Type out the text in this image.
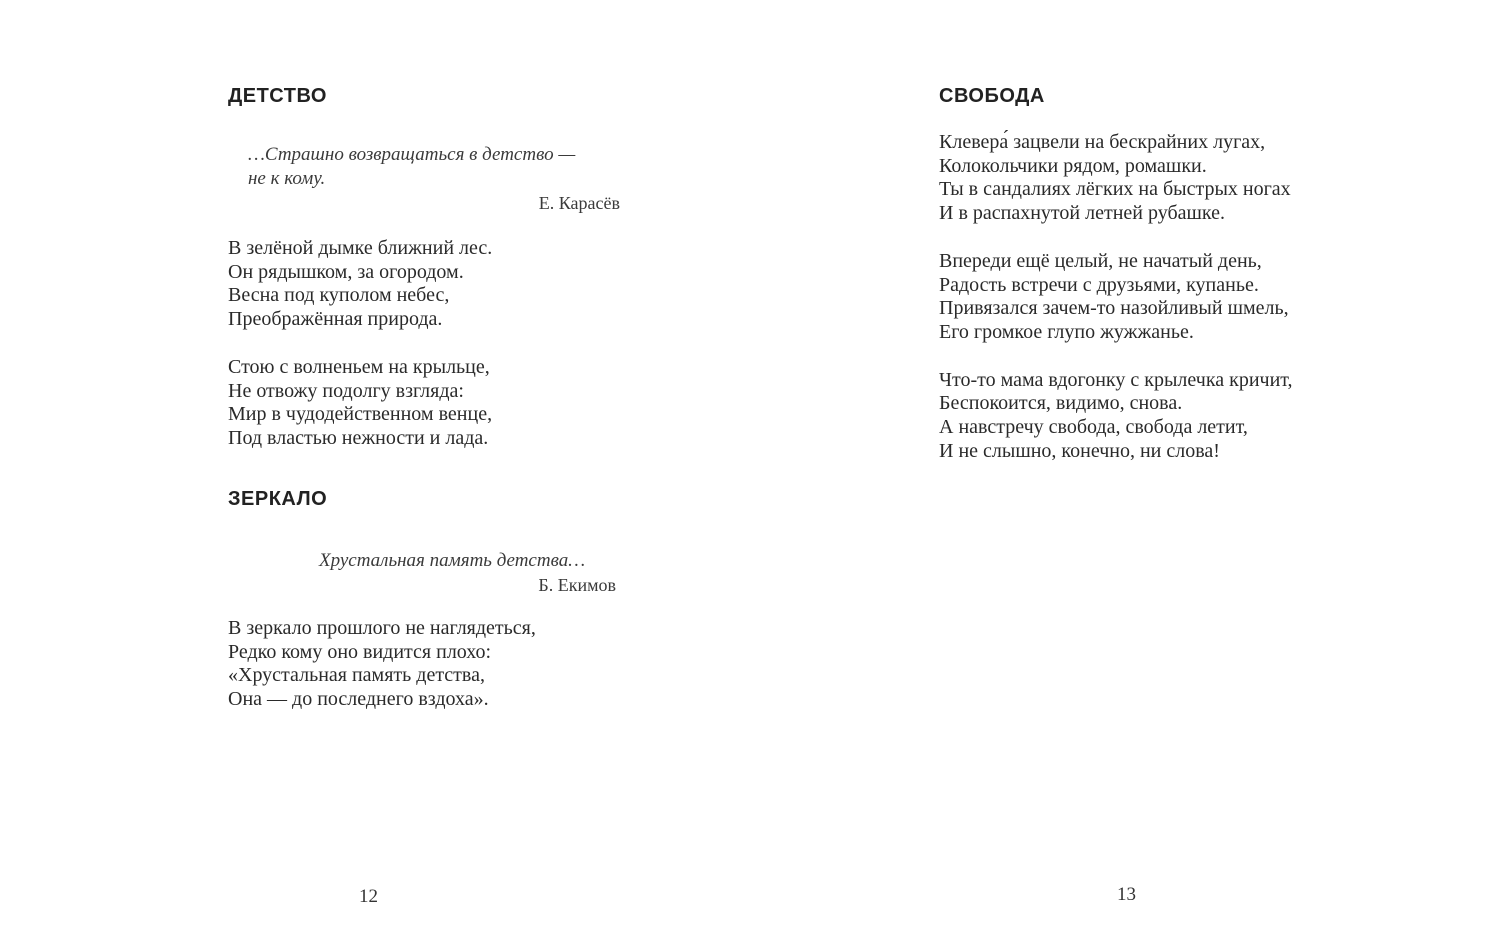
ДЕТСТВО
…Страшно возвращаться в детство —
не к кому.
Е. Карасёв
В зелёной дымке ближний лес.
Он рядышком, за огородом.
Весна под куполом небес,
Преображённая природа.
Стою с волненьем на крыльце,
Не отвожу подолгу взгляда:
Мир в чудодейственном венце,
Под властью нежности и лада.
ЗЕРКАЛО
Хрустальная память детства…
Б. Екимов
В зеркало прошлого не наглядеться,
Редко кому оно видится плохо:
«Хрустальная память детства,
Она — до последнего вздоха».
12
СВОБОДА
Клевера́ зацвели на бескрайних лугах,
Колокольчики рядом, ромашки.
Ты в сандалиях лёгких на быстрых ногах
И в распахнутой летней рубашке.
Впереди ещё целый, не начатый день,
Радость встречи с друзьями, купанье.
Привязался зачем-то назойливый шмель,
Его громкое глупо жужжанье.
Что-то мама вдогонку с крылечка кричит,
Беспокоится, видимо, снова.
А навстречу свобода, свобода летит,
И не слышно, конечно, ни слова!
13
